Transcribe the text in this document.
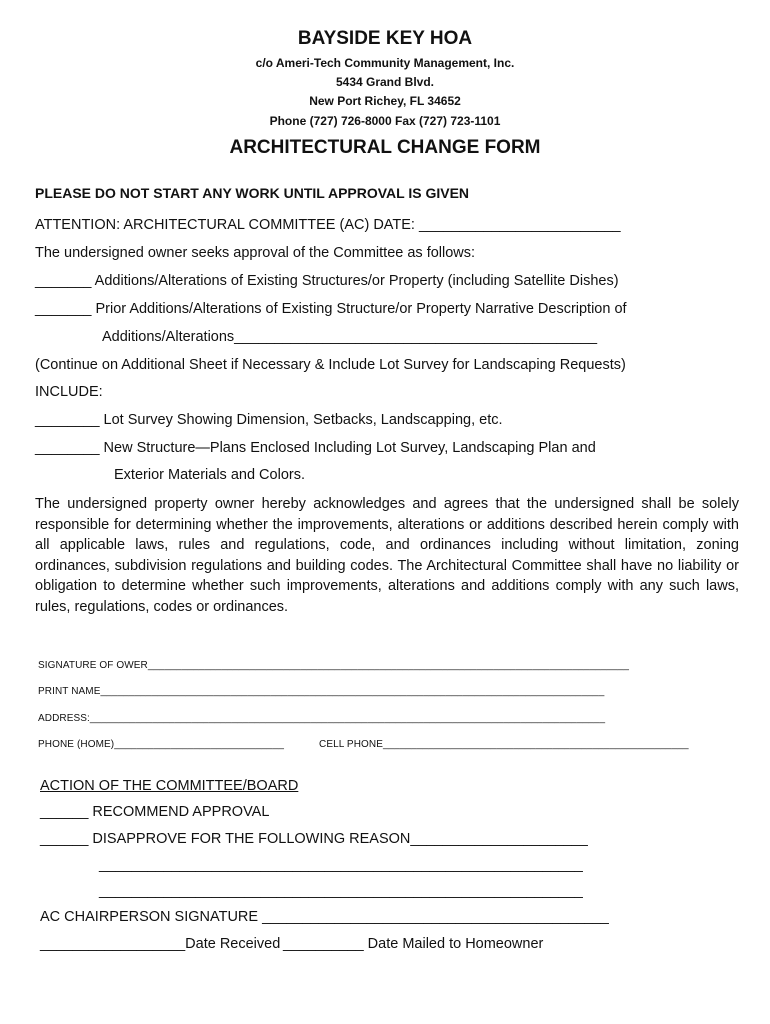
BAYSIDE KEY HOA
c/o Ameri-Tech Community Management, Inc.
5434 Grand Blvd.
New Port Richey, FL 34652
Phone (727) 726-8000 Fax (727) 723-1101
ARCHITECTURAL CHANGE FORM
PLEASE DO NOT START ANY WORK UNTIL APPROVAL IS GIVEN
ATTENTION: ARCHITECTURAL COMMITTEE (AC) DATE: _________________________
The undersigned owner seeks approval of the Committee as follows:
_______ Additions/Alterations of Existing Structures/or Property (including Satellite Dishes)
_______ Prior Additions/Alterations of Existing Structure/or Property Narrative Description of
Additions/Alterations_____________________________________________
(Continue on Additional Sheet if Necessary & Include Lot Survey for Landscaping Requests)
INCLUDE:
________ Lot Survey Showing Dimension, Setbacks, Landscapping, etc.
________ New Structure—Plans Enclosed Including Lot Survey, Landscaping Plan and
Exterior Materials and Colors.
The undersigned property owner hereby acknowledges and agrees that the undersigned shall be solely responsible for determining whether the improvements, alterations or additions described herein comply with all applicable laws, rules and regulations, code, and ordinances including without limitation, zoning ordinances, subdivision regulations and building codes. The Architectural Committee shall have no liability or obligation to determine whether such improvements, alterations and additions comply with any such laws, rules, regulations, codes or ordinances.
SIGNATURE OF OWER_____________________________________________________________________________________
PRINT NAME_________________________________________________________________________________________
ADDRESS:___________________________________________________________________________________________
PHONE (HOME)______________________________	CELL PHONE______________________________________________________
ACTION OF THE COMMITTEE/BOARD
______ RECOMMEND APPROVAL
______ DISAPPROVE FOR THE FOLLOWING REASON______________________
____________________________________________________________
____________________________________________________________
AC CHAIRPERSON SIGNATURE ___________________________________________
__________________Date Received __________ Date Mailed to Homeowner
